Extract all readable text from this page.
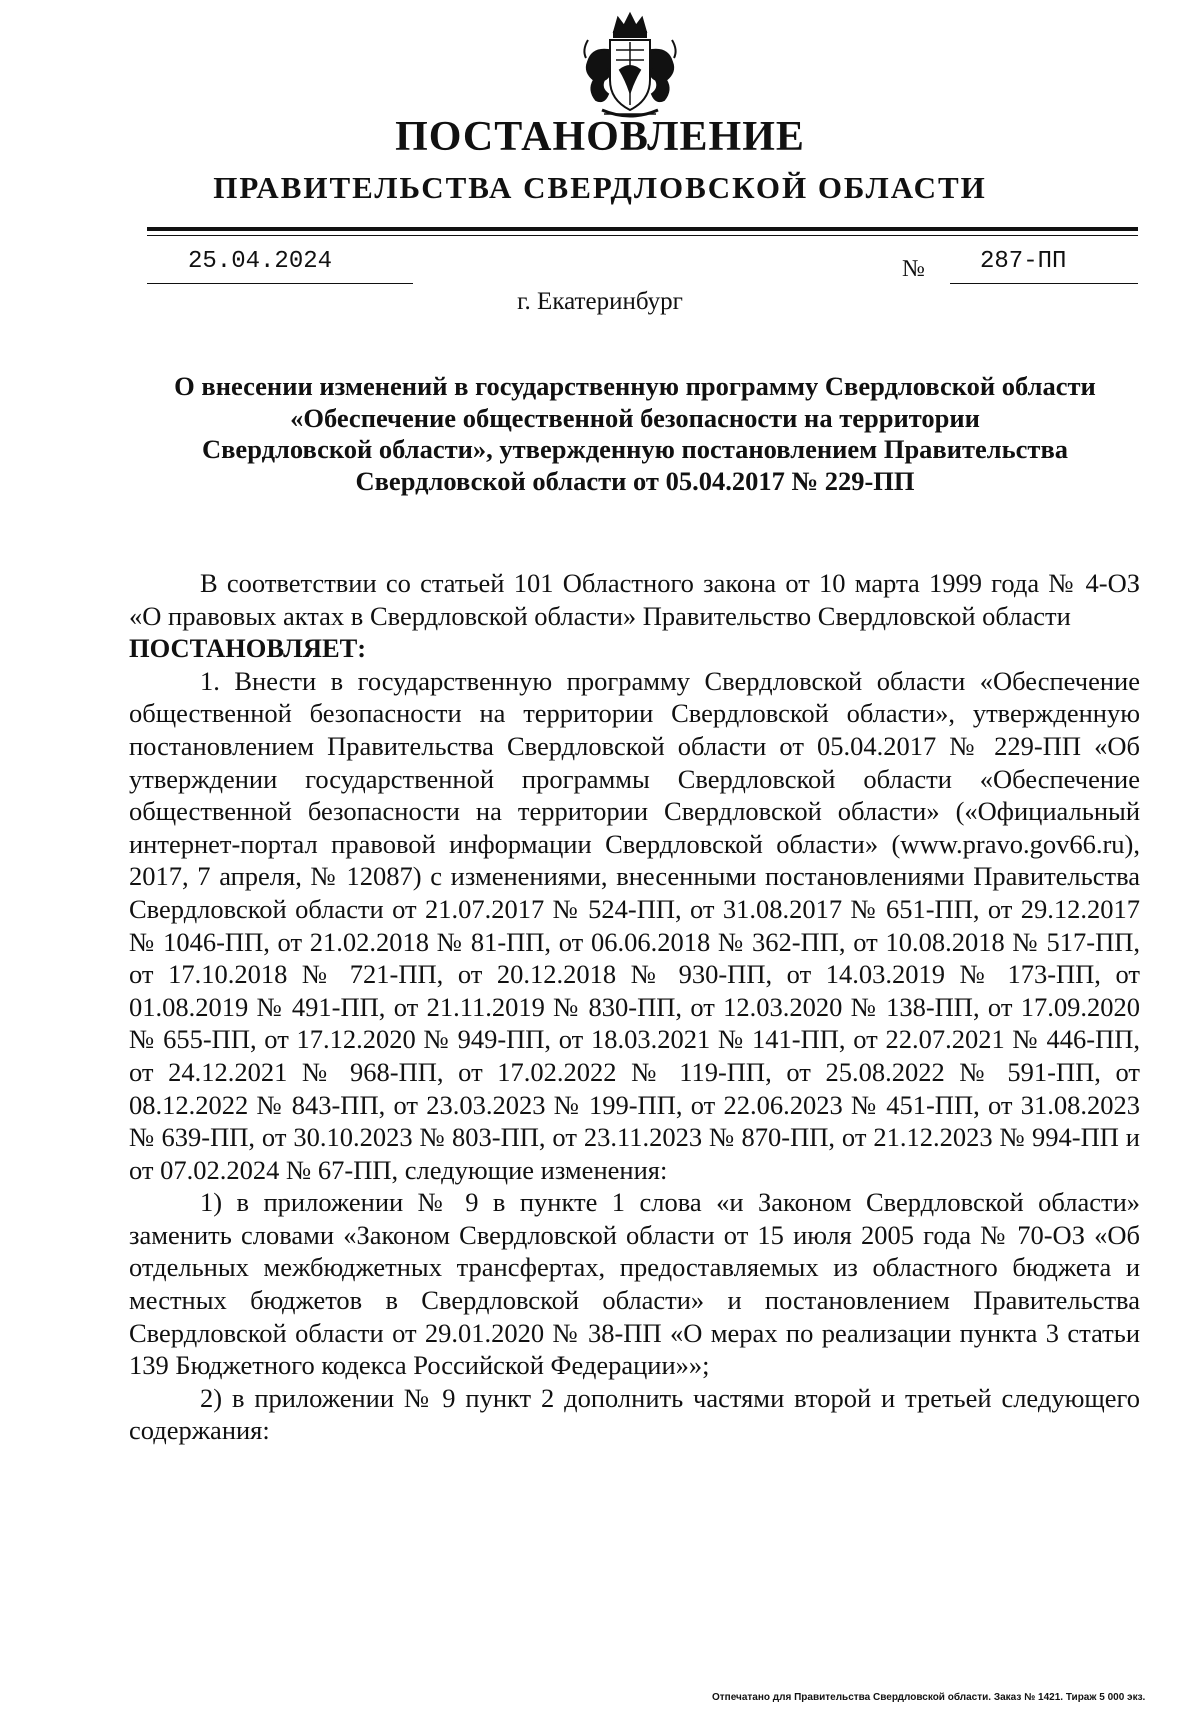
ПОСТАНОВЛЕНИЕ
ПРАВИТЕЛЬСТВА СВЕРДЛОВСКОЙ ОБЛАСТИ
25.04.2024	№ 287-ПП
г. Екатеринбург
О внесении изменений в государственную программу Свердловской области
«Обеспечение общественной безопасности на территории
Свердловской области», утвержденную постановлением Правительства
Свердловской области от 05.04.2017 № 229-ПП

В соответствии со статьей 101 Областного закона от 10 марта 1999 года № 4-ОЗ «О правовых актах в Свердловской области» Правительство Свердловской области

ПОСТАНОВЛЯЕТ:

1. Внести в государственную программу Свердловской области «Обеспечение общественной безопасности на территории Свердловской области», утвержденную постановлением Правительства Свердловской области от 05.04.2017 № 229-ПП «Об утверждении государственной программы Свердловской области «Обеспечение общественной безопасности на территории Свердловской области» («Официальный интернет-портал правовой информации Свердловской области» (www.pravo.gov66.ru), 2017, 7 апреля, № 12087) с изменениями, внесенными постановлениями Правительства Свердловской области от 21.07.2017 № 524-ПП, от 31.08.2017 № 651-ПП, от 29.12.2017 № 1046-ПП, от 21.02.2018 № 81-ПП, от 06.06.2018 № 362-ПП, от 10.08.2018 № 517-ПП, от 17.10.2018 № 721-ПП, от 20.12.2018 № 930-ПП, от 14.03.2019 № 173-ПП, от 01.08.2019 № 491-ПП, от 21.11.2019 № 830-ПП, от 12.03.2020 № 138-ПП, от 17.09.2020 № 655-ПП, от 17.12.2020 № 949-ПП, от 18.03.2021 № 141-ПП, от 22.07.2021 № 446-ПП, от 24.12.2021 № 968-ПП, от 17.02.2022 № 119-ПП, от 25.08.2022 № 591-ПП, от 08.12.2022 № 843-ПП, от 23.03.2023 № 199-ПП, от 22.06.2023 № 451-ПП, от 31.08.2023 № 639-ПП, от 30.10.2023 № 803-ПП, от 23.11.2023 № 870-ПП, от 21.12.2023 № 994-ПП и от 07.02.2024 № 67-ПП, следующие изменения:

1) в приложении № 9 в пункте 1 слова «и Законом Свердловской области» заменить словами «Законом Свердловской области от 15 июля 2005 года № 70-ОЗ «Об отдельных межбюджетных трансфертах, предоставляемых из областного бюджета и местных бюджетов в Свердловской области» и постановлением Правительства Свердловской области от 29.01.2020 № 38-ПП «О мерах по реализации пункта 3 статьи 139 Бюджетного кодекса Российской Федерации»»;

2) в приложении № 9 пункт 2 дополнить частями второй и третьей следующего содержания:

Отпечатано для Правительства Свердловской области. Заказ № 1421. Тираж 5 000 экз.
